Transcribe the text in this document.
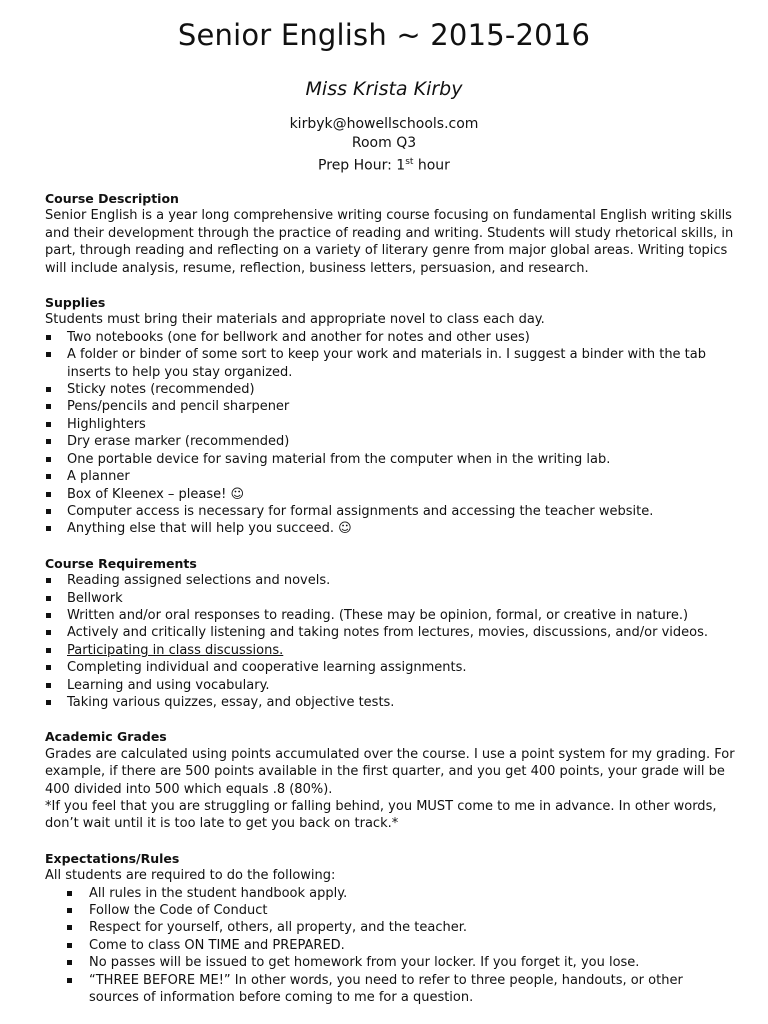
Senior English ~ 2015-2016
Miss Krista Kirby
kirbyk@howellschools.com
Room Q3
Prep Hour: 1st hour

Course Description

Senior English is a year long comprehensive writing course focusing on fundamental English writing skills and their development through the practice of reading and writing. Students will study rhetorical skills, in part, through reading and reflecting on a variety of literary genre from major global areas. Writing topics will include analysis, resume, reflection, business letters, persuasion, and research.

Supplies

Students must bring their materials and appropriate novel to class each day.

Two notebooks (one for bellwork and another for notes and other uses)
A folder or binder of some sort to keep your work and materials in. I suggest a binder with the tab inserts to help you stay organized.
Sticky notes (recommended)
Pens/pencils and pencil sharpener
Highlighters
Dry erase marker (recommended)
One portable device for saving material from the computer when in the writing lab.
A planner
Box of Kleenex – please! ☺
Computer access is necessary for formal assignments and accessing the teacher website.
Anything else that will help you succeed. ☺

Course Requirements

Reading assigned selections and novels.
Bellwork
Written and/or oral responses to reading. (These may be opinion, formal, or creative in nature.)
Actively and critically listening and taking notes from lectures, movies, discussions, and/or videos.
Participating in class discussions.
Completing individual and cooperative learning assignments.
Learning and using vocabulary.
Taking various quizzes, essay, and objective tests.

Academic Grades

Grades are calculated using points accumulated over the course. I use a point system for my grading. For example, if there are 500 points available in the first quarter, and you get 400 points, your grade will be 400 divided into 500 which equals .8 (80%).

*If you feel that you are struggling or falling behind, you MUST come to me in advance. In other words, don’t wait until it is too late to get you back on track.*

Expectations/Rules

All students are required to do the following:

All rules in the student handbook apply.
Follow the Code of Conduct
Respect for yourself, others, all property, and the teacher.
Come to class ON TIME and PREPARED.
No passes will be issued to get homework from your locker. If you forget it, you lose.
“THREE BEFORE ME!” In other words, you need to refer to three people, handouts, or other sources of information before coming to me for a question.
